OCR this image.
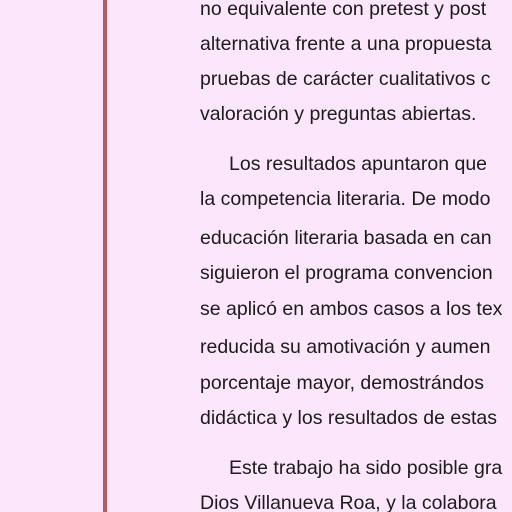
no equivalente con pretest y post
alternativa frente a una propuesta
pruebas de carácter cualitativos c
valoración y preguntas abiertas.
Los resultados apuntaron que
la competencia literaria. De modo
educación literaria basada en can
siguieron el programa convencion
se aplicó en ambos casos a los tex
reducida su amotivación y aumen
porcentaje mayor, demostrándos
didáctica y los resultados de estas
Este trabajo ha sido posible gra
Dios Villanueva Roa, y la colabora
